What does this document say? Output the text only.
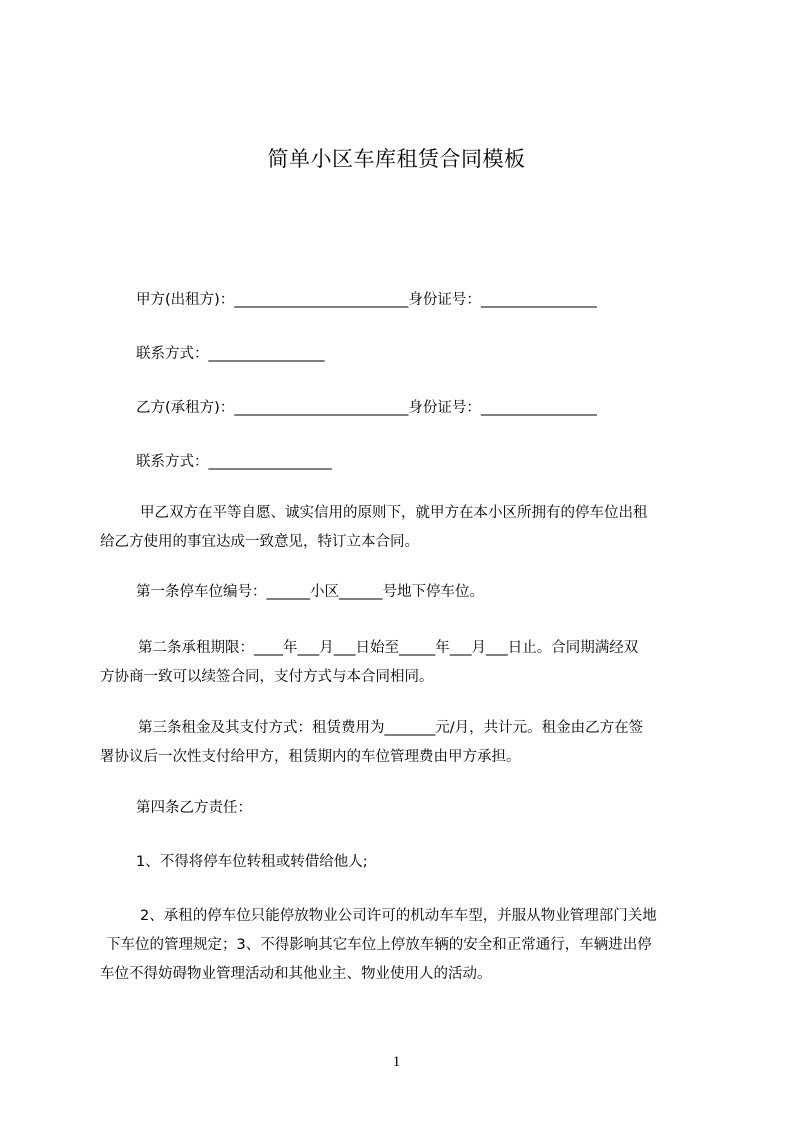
简单小区车库租赁合同模板
甲方(出租方)：________________________身份证号：________________
联系方式：________________
乙方(承租方)：________________________身份证号：________________
联系方式：_________________
甲乙双方在平等自愿、诚实信用的原则下，就甲方在本小区所拥有的停车位出租
给乙方使用的事宜达成一致意见，特订立本合同。
第一条停车位编号：______小区______号地下停车位。
第二条承租期限：____年___月___日始至_____年___月___日止。合同期满经双
方协商一致可以续签合同，支付方式与本合同相同。
第三条租金及其支付方式：租赁费用为_______元/月，共计元。租金由乙方在签
署协议后一次性支付给甲方，租赁期内的车位管理费由甲方承担。
第四条乙方责任：
1、不得将停车位转租或转借给他人;
2、承租的停车位只能停放物业公司许可的机动车车型，并服从物业管理部门关地
下车位的管理规定；3、不得影响其它车位上停放车辆的安全和正常通行，车辆进出停
车位不得妨碍物业管理活动和其他业主、物业使用人的活动。
1
